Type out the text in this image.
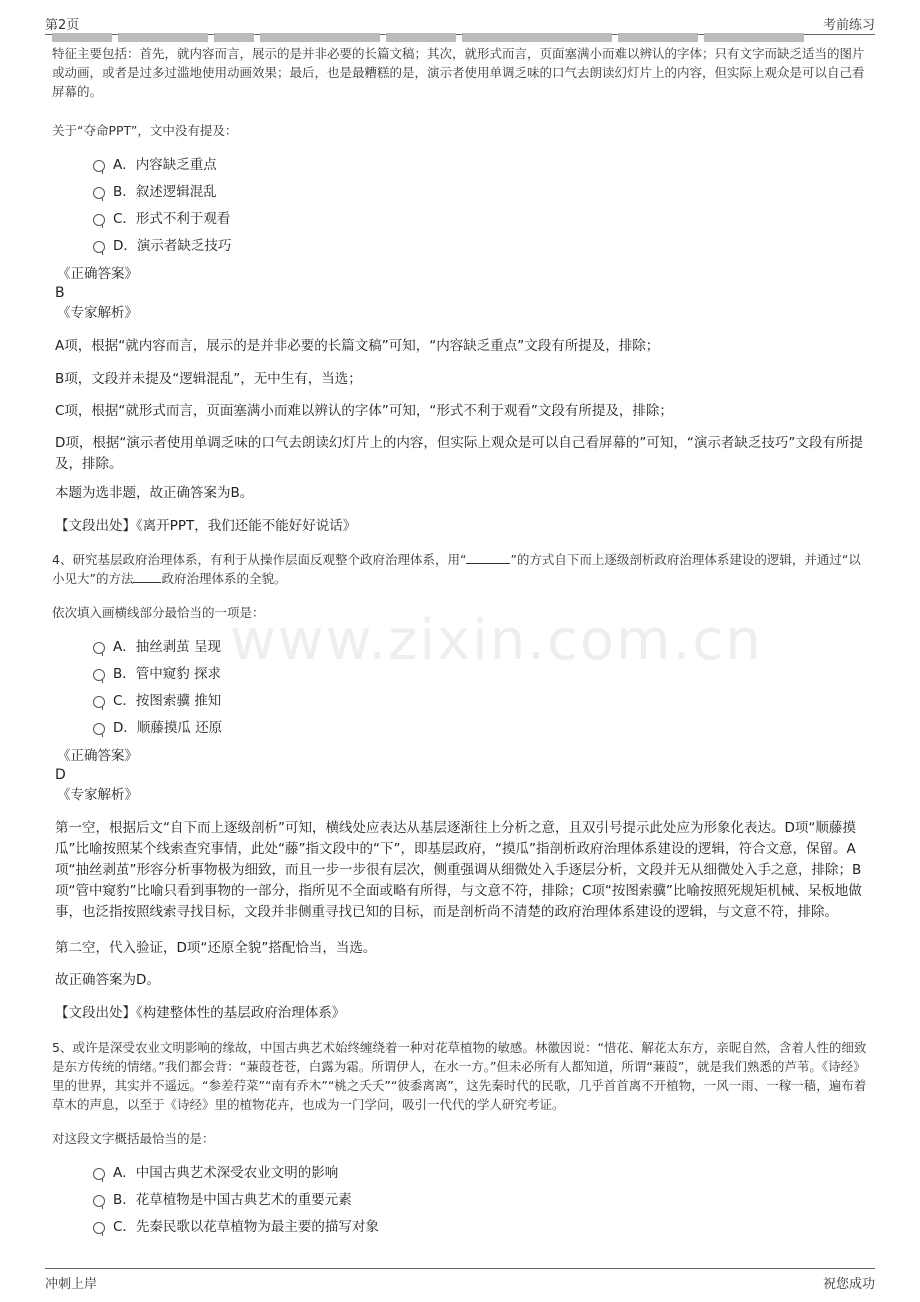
第2页	考前练习
www.zixin.com.cn
特征主要包括：首先，就内容而言，展示的是并非必要的长篇文稿；其次，就形式而言，页面塞满小而难以辨认的字体；只有文字而缺乏适当的图片或动画，或者是过多过滥地使用动画效果；最后，也是最糟糕的是，演示者使用单调乏味的口气去朗读幻灯片上的内容，但实际上观众是可以自己看屏幕的。
关于“夺命PPT”，文中没有提及：
A．内容缺乏重点
B．叙述逻辑混乱
C．形式不利于观看
D．演示者缺乏技巧
《正确答案》
B
《专家解析》
A项，根据“就内容而言，展示的是并非必要的长篇文稿”可知，“内容缺乏重点”文段有所提及，排除；
B项，文段并未提及“逻辑混乱”，无中生有，当选；
C项，根据“就形式而言，页面塞满小而难以辨认的字体”可知，“形式不利于观看”文段有所提及，排除；
D项，根据“演示者使用单调乏味的口气去朗读幻灯片上的内容，但实际上观众是可以自己看屏幕的”可知，“演示者缺乏技巧”文段有所提及，排除。
本题为选非题，故正确答案为B。
【文段出处】《离开PPT，我们还能不能好好说话》
4、研究基层政府治理体系，有利于从操作层面反观整个政府治理体系，用“	”的方式自下而上逐级剖析政府治理体系建设的逻辑，并通过“以小见大”的方法 政府治理体系的全貌。
依次填入画横线部分最恰当的一项是：
A．抽丝剥茧 呈现
B．管中窥豹 探求
C．按图索骥 推知
D．顺藤摸瓜 还原
《正确答案》
D
《专家解析》
第一空，根据后文“自下而上逐级剖析”可知，横线处应表达从基层逐渐往上分析之意，且双引号提示此处应为形象化表达。D项“顺藤摸瓜”比喻按照某个线索查究事情，此处“藤”指文段中的“下”，即基层政府，“摸瓜”指剖析政府治理体系建设的逻辑，符合文意，保留。A项“抽丝剥茧”形容分析事物极为细致，而且一步一步很有层次，侧重强调从细微处入手逐层分析，文段并无从细微处入手之意，排除；B项“管中窥豹”比喻只看到事物的一部分，指所见不全面或略有所得，与文意不符，排除；C项“按图索骥”比喻按照死规矩机械、呆板地做事，也泛指按照线索寻找目标，文段并非侧重寻找已知的目标，而是剖析尚不清楚的政府治理体系建设的逻辑，与文意不符，排除。
第二空，代入验证，D项“还原全貌”搭配恰当，当选。
故正确答案为D。
【文段出处】《构建整体性的基层政府治理体系》
5、或许是深受农业文明影响的缘故，中国古典艺术始终缠绕着一种对花草植物的敏感。林徽因说：“惜花、解花太东方，亲昵自然，含着人性的细致是东方传统的情绪。”我们都会背：“蒹葭苍苍，白露为霜。所谓伊人，在水一方。”但未必所有人都知道，所谓“蒹葭”，就是我们熟悉的芦苇。《诗经》 里的世界，其实并不遥远。“参差荇菜”“南有乔木”“桃之夭夭”“彼黍离离”，这先秦时代的民歌，几乎首首离不开植物，一风一雨、一稼一穑，遍布着草木的声息，以至于《诗经》里的植物花卉，也成为一门学问，吸引一代代的学人研究考证。
对这段文字概括最恰当的是：
A．中国古典艺术深受农业文明的影响
B．花草植物是中国古典艺术的重要元素
C．先秦民歌以花草植物为最主要的描写对象
冲刺上岸	祝您成功
